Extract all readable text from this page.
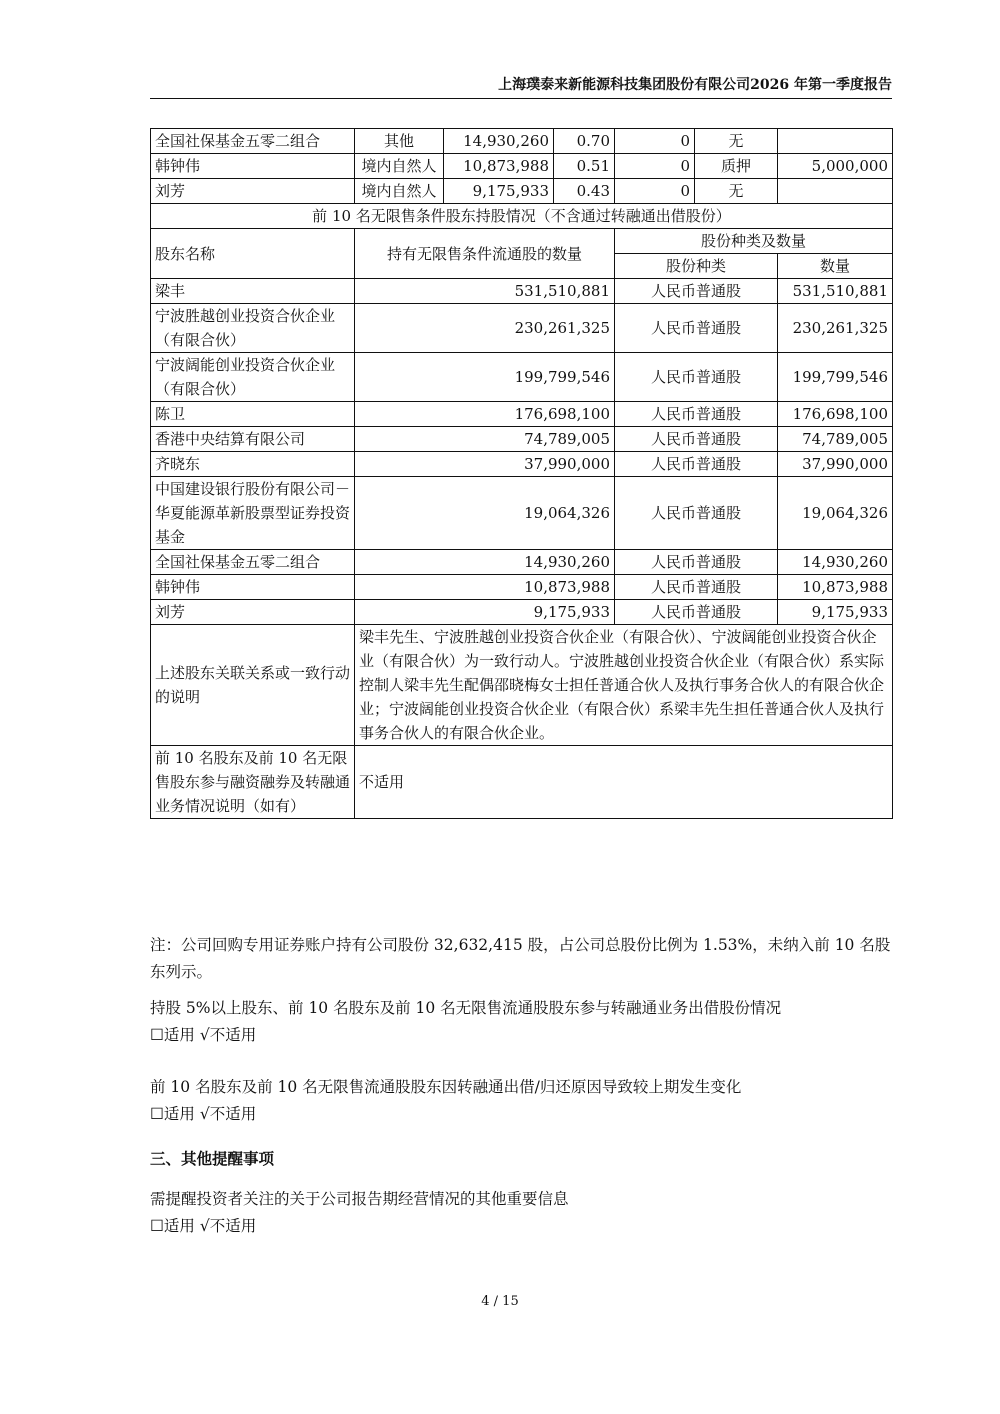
上海璞泰来新能源科技集团股份有限公司2026 年第一季度报告
全国社保基金五零二组合	其他	14,930,260	0.70	0	无	
韩钟伟	境内自然人	10,873,988	0.51	0	质押	5,000,000
刘芳	境内自然人	9,175,933	0.43	0	无	
前 10 名无限售条件股东持股情况（不含通过转融通出借股份）						
股东名称	持有无限售条件流通股的数量			股份种类及数量		
				股份种类		数量
梁丰	531,510,881			人民币普通股		531,510,881
宁波胜越创业投资合伙企业（有限合伙）	230,261,325			人民币普通股		230,261,325
宁波阔能创业投资合伙企业（有限合伙）	199,799,546			人民币普通股		199,799,546
陈卫	176,698,100			人民币普通股		176,698,100
香港中央结算有限公司	74,789,005			人民币普通股		74,789,005
齐晓东	37,990,000			人民币普通股		37,990,000
中国建设银行股份有限公司－华夏能源革新股票型证券投资基金	19,064,326			人民币普通股		19,064,326
全国社保基金五零二组合	14,930,260			人民币普通股		14,930,260
韩钟伟	10,873,988			人民币普通股		10,873,988
刘芳	9,175,933			人民币普通股		9,175,933
上述股东关联关系或一致行动的说明	梁丰先生、宁波胜越创业投资合伙企业（有限合伙）、宁波阔能创业投资合伙企业（有限合伙）为一致行动人。宁波胜越创业投资合伙企业（有限合伙）系实际控制人梁丰先生配偶邵晓梅女士担任普通合伙人及执行事务合伙人的有限合伙企业；宁波阔能创业投资合伙企业（有限合伙）系梁丰先生担任普通合伙人及执行事务合伙人的有限合伙企业。					
前 10 名股东及前 10 名无限售股东参与融资融券及转融通业务情况说明（如有）	不适用					
注：公司回购专用证券账户持有公司股份 32,632,415 股，占公司总股份比例为 1.53%，未纳入前 10 名股东列示。
持股 5%以上股东、前 10 名股东及前 10 名无限售流通股股东参与转融通业务出借股份情况
☐适用 √不适用
前 10 名股东及前 10 名无限售流通股股东因转融通出借/归还原因导致较上期发生变化
☐适用 √不适用
三、其他提醒事项
需提醒投资者关注的关于公司报告期经营情况的其他重要信息
☐适用 √不适用
4 / 15
